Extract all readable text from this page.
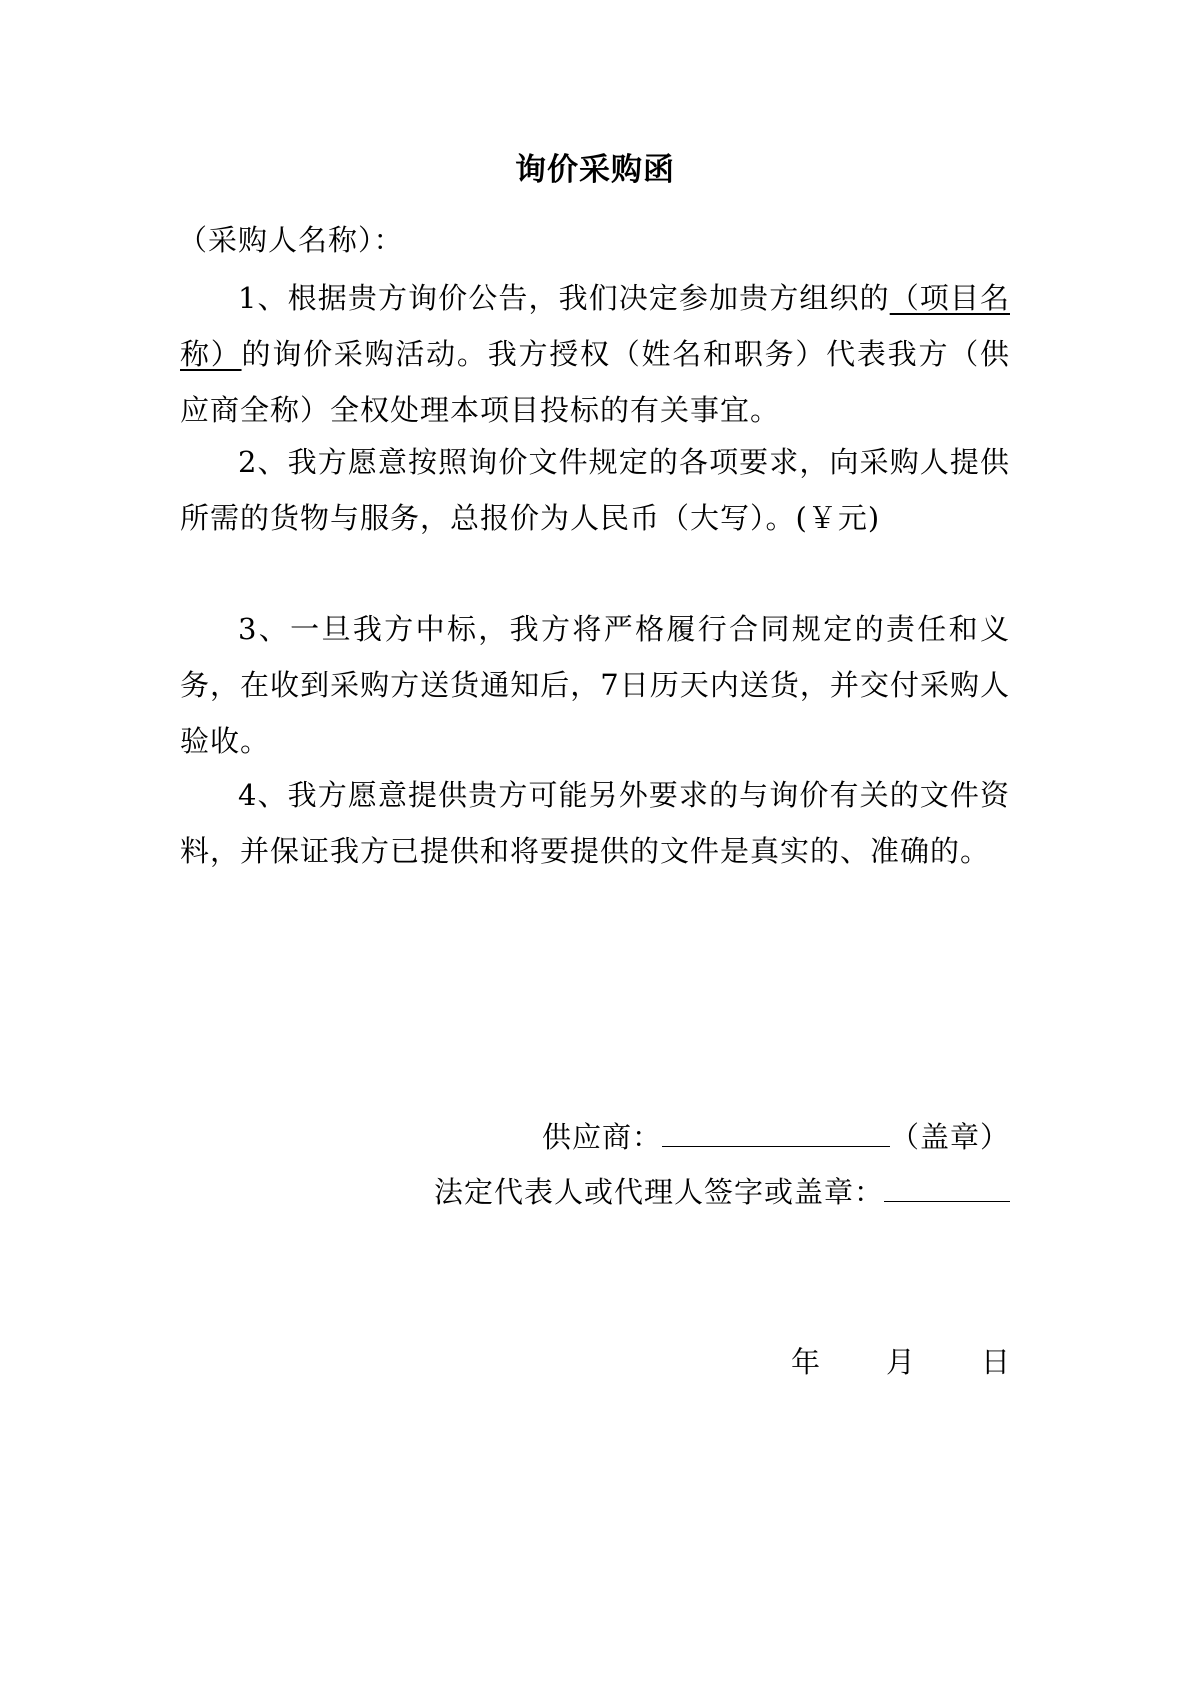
询价采购函
（采购人名称）：
1、根据贵方询价公告，我们决定参加贵方组织的（项目名称）的询价采购活动。我方授权（姓名和职务）代表我方（供应商全称）全权处理本项目投标的有关事宜。
2、我方愿意按照询价文件规定的各项要求，向采购人提供所需的货物与服务，总报价为人民币（大写）。(￥元)
3、一旦我方中标，我方将严格履行合同规定的责任和义务，在收到采购方送货通知后，7日历天内送货，并交付采购人验收。
4、我方愿意提供贵方可能另外要求的与询价有关的文件资料，并保证我方已提供和将要提供的文件是真实的、准确的。
供应商：	（盖章）
法定代表人或代理人签字或盖章：
年 月 日
